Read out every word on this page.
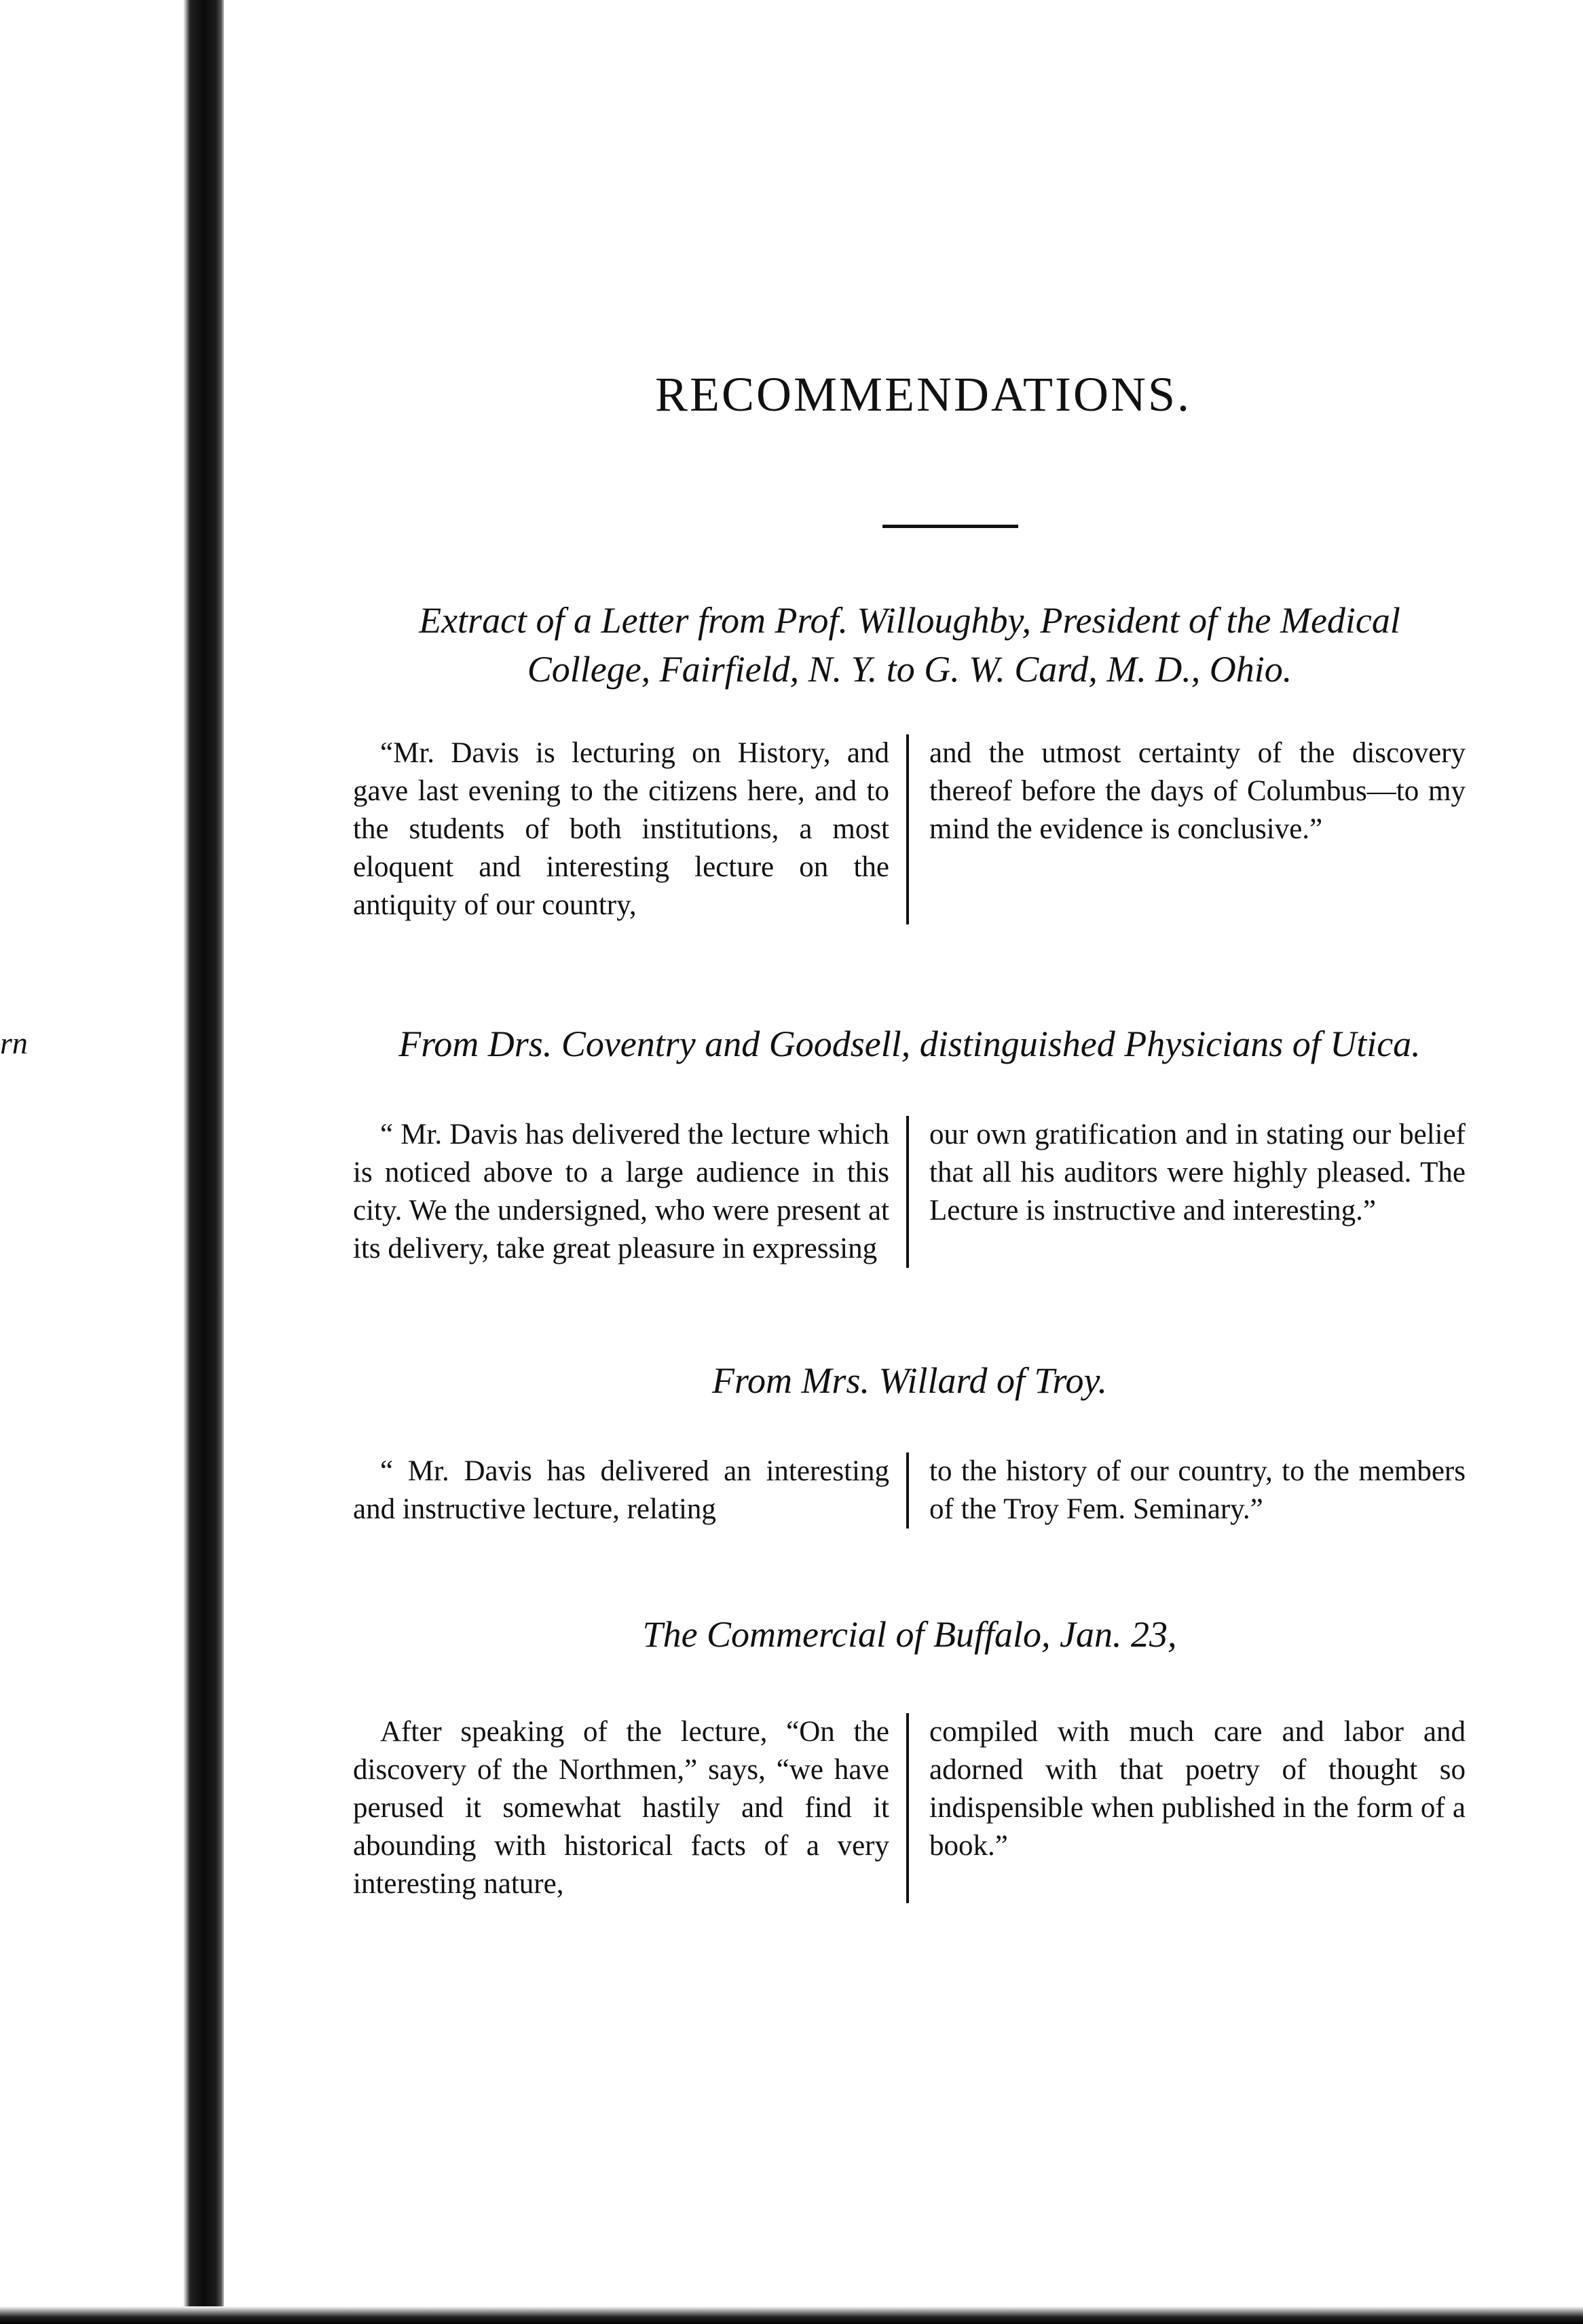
rn
RECOMMENDATIONS.

Extract of a Letter from Prof. Willoughby, President of the Medical College, Fairfield, N. Y. to G. W. Card, M. D., Ohio.

“Mr. Davis is lecturing on History, and gave last evening to the citizens here, and to the students of both institutions, a most eloquent and interesting lecture on the antiquity of our country,

and the utmost certainty of the discovery thereof before the days of Columbus—to my mind the evidence is conclusive.”

From Drs. Coventry and Goodsell, distinguished Physicians of Utica.

“ Mr. Davis has delivered the lecture which is noticed above to a large audience in this city. We the undersigned, who were present at its delivery, take great pleasure in expressing

our own gratification and in stating our belief that all his auditors were highly pleased. The Lecture is instructive and interesting.”

From Mrs. Willard of Troy.

“ Mr. Davis has delivered an interesting and instructive lecture, relating

to the history of our country, to the members of the Troy Fem. Seminary.”

The Commercial of Buffalo, Jan. 23,

After speaking of the lecture, “On the discovery of the Northmen,” says, “we have perused it somewhat hastily and find it abounding with historical facts of a very interesting nature,

compiled with much care and labor and adorned with that poetry of thought so indispensible when published in the form of a book.”
